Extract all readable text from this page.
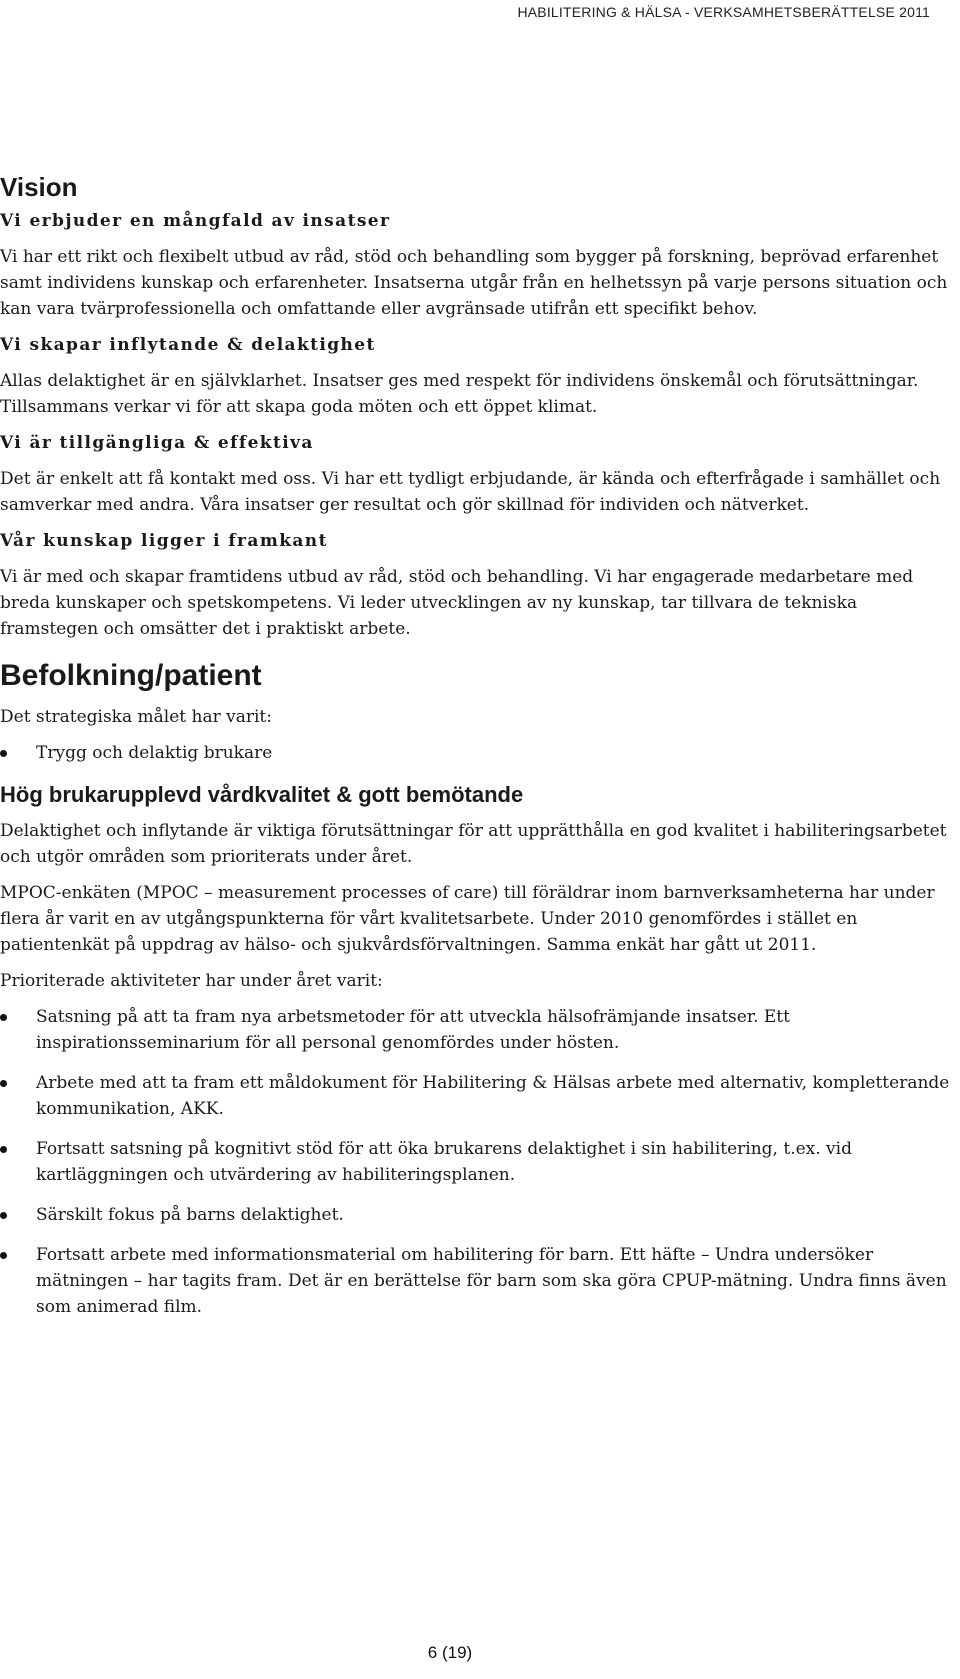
HABILITERING & HÄLSA - VERKSAMHETSBERÄTTELSE 2011
Vision
Vi erbjuder en mångfald av insatser
Vi har ett rikt och flexibelt utbud av råd, stöd och behandling som bygger på forskning, beprövad erfarenhet samt individens kunskap och erfarenheter. Insatserna utgår från en helhetssyn på varje persons situation och kan vara tvärprofessionella och omfattande eller avgränsade utifrån ett specifikt behov.
Vi skapar inflytande & delaktighet
Allas delaktighet är en självklarhet. Insatser ges med respekt för individens önskemål och förutsättningar. Tillsammans verkar vi för att skapa goda möten och ett öppet klimat.
Vi är tillgängliga & effektiva
Det är enkelt att få kontakt med oss. Vi har ett tydligt erbjudande, är kända och efterfrågade i samhället och samverkar med andra. Våra insatser ger resultat och gör skillnad för individen och nätverket.
Vår kunskap ligger i framkant
Vi är med och skapar framtidens utbud av råd, stöd och behandling. Vi har engagerade medarbetare med breda kunskaper och spetskompetens. Vi leder utvecklingen av ny kunskap, tar tillvara de tekniska framstegen och omsätter det i praktiskt arbete.
Befolkning/patient
Det strategiska målet har varit:
Trygg och delaktig brukare
Hög brukarupplevd vårdkvalitet & gott bemötande
Delaktighet och inflytande är viktiga förutsättningar för att upprätthålla en god kvalitet i habiliteringsarbetet och utgör områden som prioriterats under året.
MPOC-enkäten (MPOC – measurement processes of care) till föräldrar inom barnverksamheterna har under flera år varit en av utgångspunkterna för vårt kvalitetsarbete. Under 2010 genomfördes i stället en patientenkät på uppdrag av hälso- och sjukvårdsförvaltningen. Samma enkät har gått ut 2011.
Prioriterade aktiviteter har under året varit:
Satsning på att ta fram nya arbetsmetoder för att utveckla hälsofrämjande insatser. Ett inspirationsseminarium för all personal genomfördes under hösten.
Arbete med att ta fram ett måldokument för Habilitering & Hälsas arbete med alternativ, kompletterande kommunikation, AKK.
Fortsatt satsning på kognitivt stöd för att öka brukarens delaktighet i sin habilitering, t.ex. vid kartläggningen och utvärdering av habiliteringsplanen.
Särskilt fokus på barns delaktighet.
Fortsatt arbete med informationsmaterial om habilitering för barn. Ett häfte – Undra undersöker mätningen – har tagits fram. Det är en berättelse för barn som ska göra CPUP-mätning. Undra finns även som animerad film.
6 (19)
